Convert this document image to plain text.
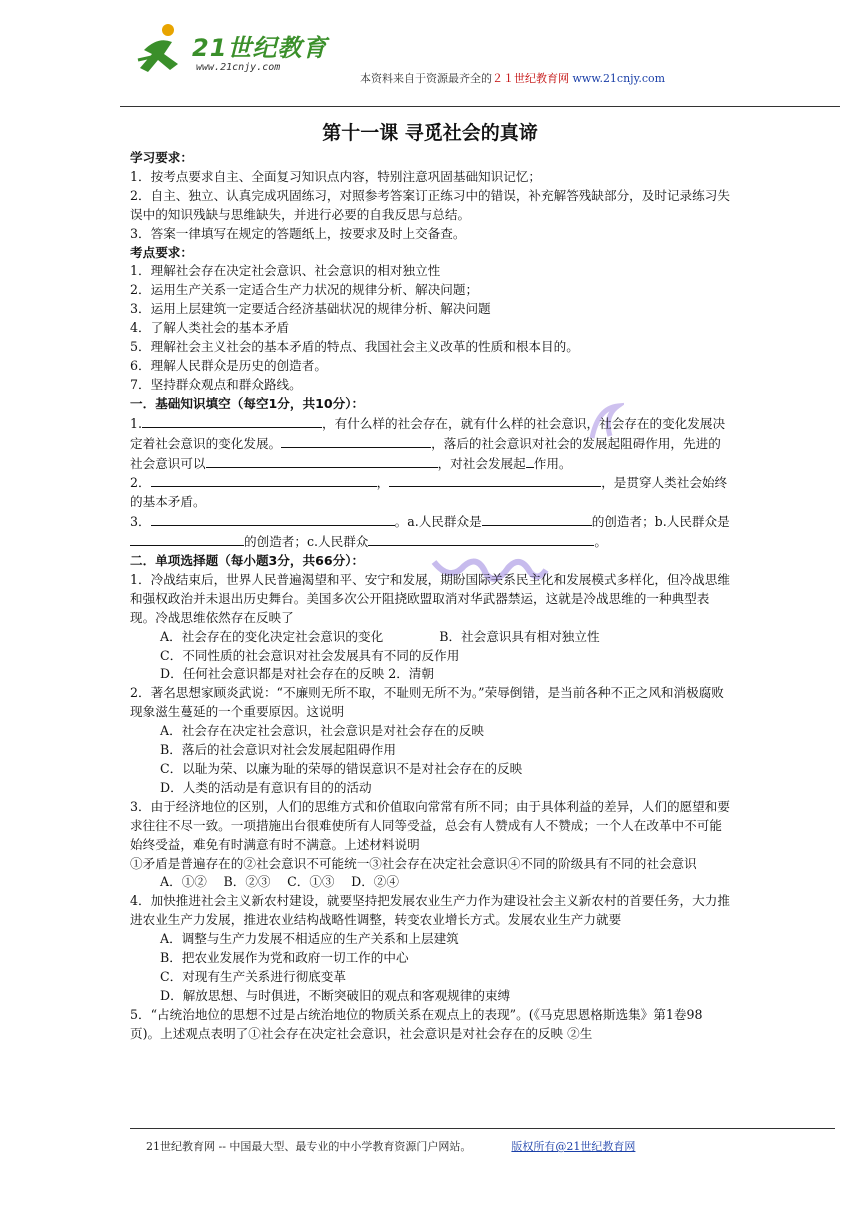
21世纪教育
www.21cnjy.com
本资料来自于资源最齐全的２１世纪教育网 www.21cnjy.com
第十一课 寻觅社会的真谛

学习要求：

1．按考点要求自主、全面复习知识点内容，特别注意巩固基础知识记忆；

2．自主、独立、认真完成巩固练习，对照参考答案订正练习中的错误，补充解答残缺部分，及时记录练习失误中的知识残缺与思维缺失，并进行必要的自我反思与总结。

3．答案一律填写在规定的答题纸上，按要求及时上交备查。

考点要求：

1．理解社会存在决定社会意识、社会意识的相对独立性

2．运用生产关系一定适合生产力状况的规律分析、解决问题；

3．运用上层建筑一定要适合经济基础状况的规律分析、解决问题

4．了解人类社会的基本矛盾

5．理解社会主义社会的基本矛盾的特点、我国社会主义改革的性质和根本目的。

6．理解人民群众是历史的创造者。

7．坚持群众观点和群众路线。

一．基础知识填空（每空1分，共10分）：

1.	，有什么样的社会存在，就有什么样的社会意识，社会存在的变化发展决定着社会意识的变化发展。	，落后的社会意识对社会的发展起阻碍作用，先进的社会意识可以	，对社会发展起 作用。

2．	，	，是贯穿人类社会始终的基本矛盾。

3．	。a.人民群众是	的创造者；b.人民群众是的创造者；c.人民群众	。

二．单项选择题（每小题3分，共66分）：

1．冷战结束后，世界人民普遍渴望和平、安宁和发展，期盼国际关系民主化和发展模式多样化，但冷战思维和强权政治并未退出历史舞台。美国多次公开阻挠欧盟取消对华武器禁运，这就是冷战思维的一种典型表现。冷战思维依然存在反映了

A．社会存在的变化决定社会意识的变化	B．社会意识具有相对独立性

C．不同性质的社会意识对社会发展具有不同的反作用

D．任何社会意识都是对社会存在的反映 2．清朝

2．著名思想家顾炎武说：“不廉则无所不取，不耻则无所不为。”荣辱倒错，是当前各种不正之风和消极腐败现象滋生蔓延的一个重要原因。这说明

A．社会存在决定社会意识，社会意识是对社会存在的反映

B．落后的社会意识对社会发展起阻碍作用

C．以耻为荣、以廉为耻的荣辱的错误意识不是对社会存在的反映

D．人类的活动是有意识有目的的活动

3．由于经济地位的区别，人们的思维方式和价值取向常常有所不同；由于具体利益的差异，人们的愿望和要求往往不尽一致。一项措施出台很难使所有人同等受益，总会有人赞成有人不赞成；一个人在改革中不可能始终受益，难免有时满意有时不满意。上述材料说明

①矛盾是普遍存在的②社会意识不可能统一③社会存在决定社会意识④不同的阶级具有不同的社会意识

A．①②　 B．②③　 C．①③　 D．②④

4．加快推进社会主义新农村建设，就要坚持把发展农业生产力作为建设社会主义新农村的首要任务，大力推进农业生产力发展，推进农业结构战略性调整，转变农业增长方式。发展农业生产力就要

A．调整与生产力发展不相适应的生产关系和上层建筑

B．把农业发展作为党和政府一切工作的中心

C．对现有生产关系进行彻底变革

D．解放思想、与时俱进，不断突破旧的观点和客观规律的束缚

5．“占统治地位的思想不过是占统治地位的物质关系在观点上的表现”。(《马克思恩格斯选集》第1卷98页)。上述观点表明了①社会存在决定社会意识，社会意识是对社会存在的反映 ②生

21世纪教育网 -- 中国最大型、最专业的中小学教育资源门户网站。	版权所有@21世纪教育网
